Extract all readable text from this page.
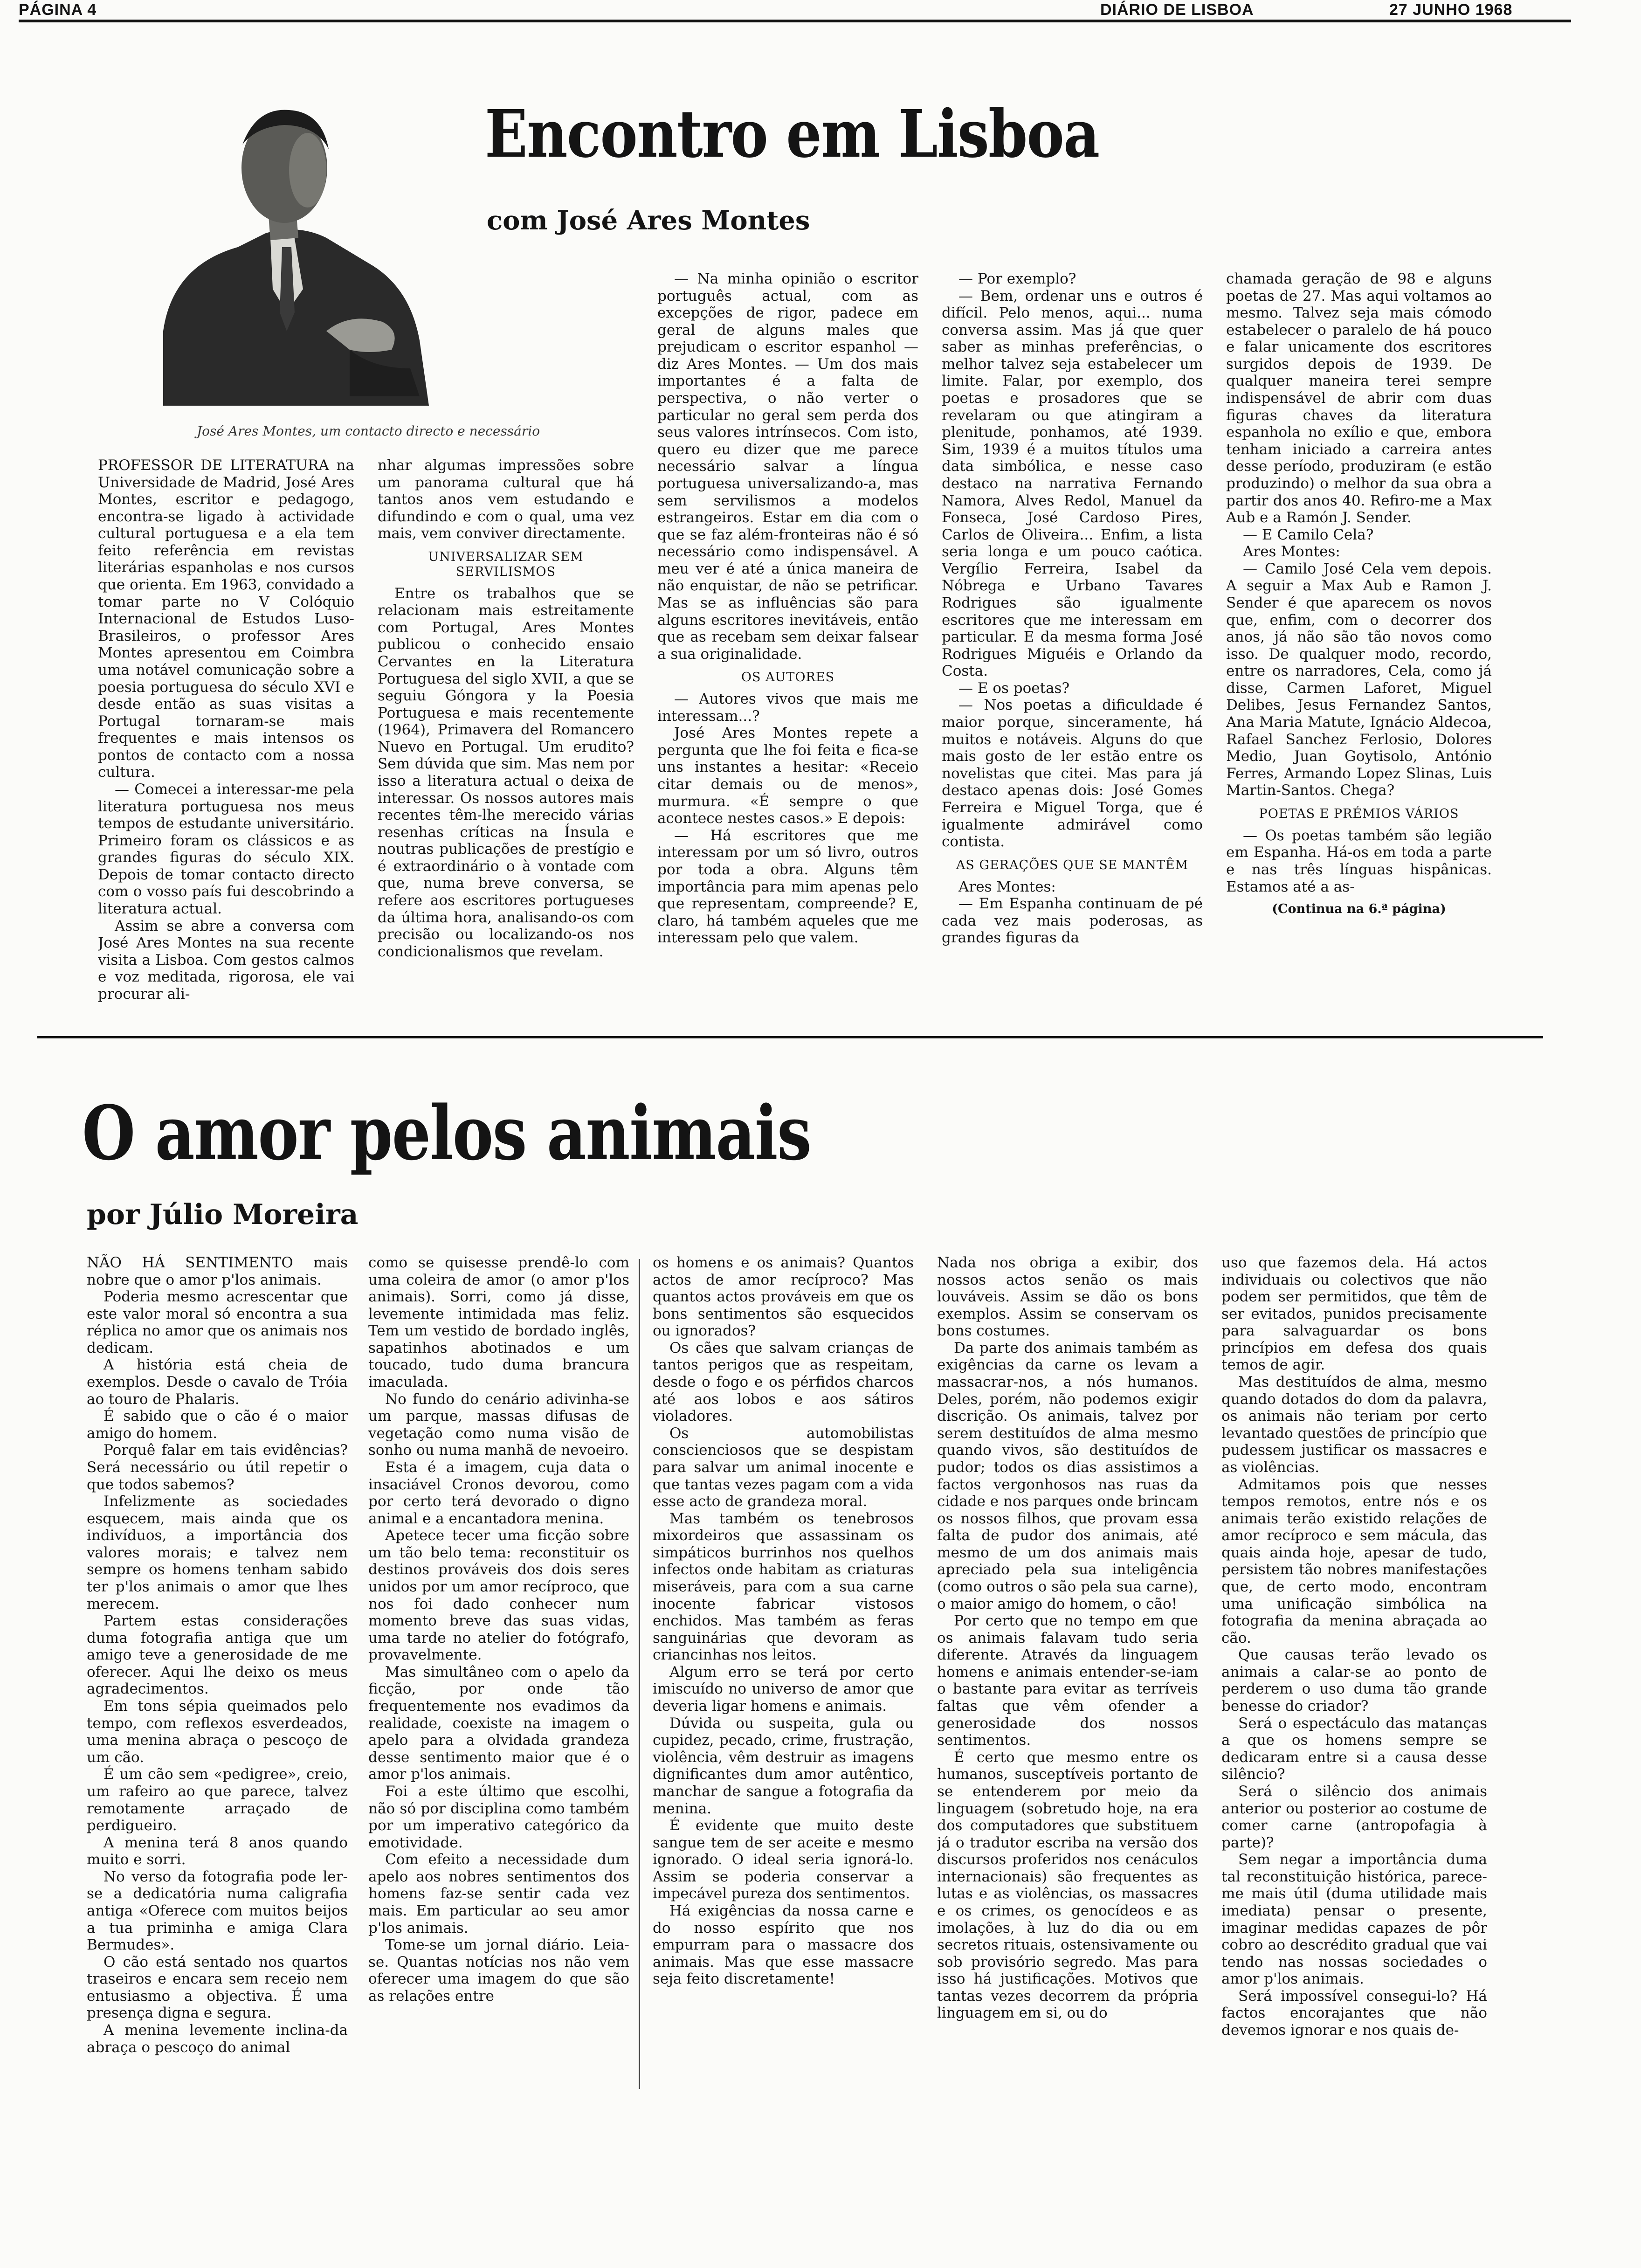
PÁGINA 4	DIÁRIO DE LISBOA	27 JUNHO 1968
José Ares Montes, um contacto directo e necessário
Encontro em Lisboa
com José Ares Montes

PROFESSOR DE LITERATURA na Universidade de Madrid, José Ares Montes, escritor e pedagogo, encontra-se ligado à actividade cultural portuguesa e a ela tem feito referência em revistas literárias espanholas e nos cursos que orienta. Em 1963, convidado a tomar parte no V Colóquio Internacional de Estudos Luso-Brasileiros, o professor Ares Montes apresentou em Coimbra uma notável comunicação sobre a poesia portuguesa do século XVI e desde então as suas visitas a Portugal tornaram-se mais frequentes e mais intensos os pontos de contacto com a nossa cultura.

— Comecei a interessar-me pela literatura portuguesa nos meus tempos de estudante universitário. Primeiro foram os clássicos e as grandes figuras do século XIX. Depois de tomar contacto directo com o vosso país fui descobrindo a literatura actual.

Assim se abre a conversa com José Ares Montes na sua recente visita a Lisboa. Com gestos calmos e voz meditada, rigorosa, ele vai procurar ali-

nhar algumas impressões sobre um panorama cultural que há tantos anos vem estudando e difundindo e com o qual, uma vez mais, vem conviver directamente.

UNIVERSALIZAR SEM SERVILISMOS

Entre os trabalhos que se relacionam mais estreitamente com Portugal, Ares Montes publicou o conhecido ensaio Cervantes en la Literatura Portuguesa del siglo XVII, a que se seguiu Góngora y la Poesia Portuguesa e mais recentemente (1964), Primavera del Romancero Nuevo en Portugal. Um erudito? Sem dúvida que sim. Mas nem por isso a literatura actual o deixa de interessar. Os nossos autores mais recentes têm-lhe merecido várias resenhas críticas na Ínsula e noutras publicações de prestígio e é extraordinário o à vontade com que, numa breve conversa, se refere aos escritores portugueses da última hora, analisando-os com precisão ou localizando-os nos condicionalismos que revelam.

— Na minha opinião o escritor português actual, com as excepções de rigor, padece em geral de alguns males que prejudicam o escritor espanhol — diz Ares Montes. — Um dos mais importantes é a falta de perspectiva, o não verter o particular no geral sem perda dos seus valores intrínsecos. Com isto, quero eu dizer que me parece necessário salvar a língua portuguesa universalizando-a, mas sem servilismos a modelos estrangeiros. Estar em dia com o que se faz além-fronteiras não é só necessário como indispensável. A meu ver é até a única maneira de não enquistar, de não se petrificar. Mas se as influências são para alguns escritores inevitáveis, então que as recebam sem deixar falsear a sua originalidade.

OS AUTORES

— Autores vivos que mais me interessam...?

José Ares Montes repete a pergunta que lhe foi feita e fica-se uns instantes a hesitar: «Receio citar demais ou de menos», murmura. «É sempre o que acontece nestes casos.» E depois:

— Há escritores que me interessam por um só livro, outros por toda a obra. Alguns têm importância para mim apenas pelo que representam, compreende? E, claro, há também aqueles que me interessam pelo que valem.

— Por exemplo?

— Bem, ordenar uns e outros é difícil. Pelo menos, aqui... numa conversa assim. Mas já que quer saber as minhas preferências, o melhor talvez seja estabelecer um limite. Falar, por exemplo, dos poetas e prosadores que se revelaram ou que atingiram a plenitude, ponhamos, até 1939. Sim, 1939 é a muitos títulos uma data simbólica, e nesse caso destaco na narrativa Fernando Namora, Alves Redol, Manuel da Fonseca, José Cardoso Pires, Carlos de Oliveira... Enfim, a lista seria longa e um pouco caótica. Vergílio Ferreira, Isabel da Nóbrega e Urbano Tavares Rodrigues são igualmente escritores que me interessam em particular. E da mesma forma José Rodrigues Miguéis e Orlando da Costa.

— E os poetas?

— Nos poetas a dificuldade é maior porque, sinceramente, há muitos e notáveis. Alguns do que mais gosto de ler estão entre os novelistas que citei. Mas para já destaco apenas dois: José Gomes Ferreira e Miguel Torga, que é igualmente admirável como contista.

AS GERAÇÕES QUE SE MANTÊM

Ares Montes:

— Em Espanha continuam de pé cada vez mais poderosas, as grandes figuras da

chamada geração de 98 e alguns poetas de 27. Mas aqui voltamos ao mesmo. Talvez seja mais cómodo estabelecer o paralelo de há pouco e falar unicamente dos escritores surgidos depois de 1939. De qualquer maneira terei sempre indispensável de abrir com duas figuras chaves da literatura espanhola no exílio e que, embora tenham iniciado a carreira antes desse período, produziram (e estão produzindo) o melhor da sua obra a partir dos anos 40. Refiro-me a Max Aub e a Ramón J. Sender.

— E Camilo Cela?

Ares Montes:

— Camilo José Cela vem depois. A seguir a Max Aub e Ramon J. Sender é que aparecem os novos que, enfim, com o decorrer dos anos, já não são tão novos como isso. De qualquer modo, recordo, entre os narradores, Cela, como já disse, Carmen Laforet, Miguel Delibes, Jesus Fernandez Santos, Ana Maria Matute, Ignácio Aldecoa, Rafael Sanchez Ferlosio, Dolores Medio, Juan Goytisolo, António Ferres, Armando Lopez Slinas, Luis Martin-Santos. Chega?

POETAS E PRÉMIOS VÁRIOS

— Os poetas também são legião em Espanha. Há-os em toda a parte e nas três línguas hispânicas. Estamos até a as-

(Continua na 6.ª página)

O amor pelos animais
por Júlio Moreira

NÃO HÁ SENTIMENTO mais nobre que o amor p'los animais.

Poderia mesmo acrescentar que este valor moral só encontra a sua réplica no amor que os animais nos dedicam.

A história está cheia de exemplos. Desde o cavalo de Tróia ao touro de Phalaris.

É sabido que o cão é o maior amigo do homem.

Porquê falar em tais evidências? Será necessário ou útil repetir o que todos sabemos?

Infelizmente as sociedades esquecem, mais ainda que os indivíduos, a importância dos valores morais; e talvez nem sempre os homens tenham sabido ter p'los animais o amor que lhes merecem.

Partem estas considerações duma fotografia antiga que um amigo teve a generosidade de me oferecer. Aqui lhe deixo os meus agradecimentos.

Em tons sépia queimados pelo tempo, com reflexos esverdeados, uma menina abraça o pescoço de um cão.

É um cão sem «pedigree», creio, um rafeiro ao que parece, talvez remotamente arraçado de perdigueiro.

A menina terá 8 anos quando muito e sorri.

No verso da fotografia pode ler-se a dedicatória numa caligrafia antiga «Oferece com muitos beijos a tua priminha e amiga Clara Bermudes».

O cão está sentado nos quartos traseiros e encara sem receio nem entusiasmo a objectiva. É uma presença digna e segura.

A menina levemente inclina-da abraça o pescoço do animal

como se quisesse prendê-lo com uma coleira de amor (o amor p'los animais). Sorri, como já disse, levemente intimidada mas feliz. Tem um vestido de bordado inglês, sapatinhos abotinados e um toucado, tudo duma brancura imaculada.

No fundo do cenário adivinha-se um parque, massas difusas de vegetação como numa visão de sonho ou numa manhã de nevoeiro.

Esta é a imagem, cuja data o insaciável Cronos devorou, como por certo terá devorado o digno animal e a encantadora menina.

Apetece tecer uma ficção sobre um tão belo tema: reconstituir os destinos prováveis dos dois seres unidos por um amor recíproco, que nos foi dado conhecer num momento breve das suas vidas, uma tarde no atelier do fotógrafo, provavelmente.

Mas simultâneo com o apelo da ficção, por onde tão frequentemente nos evadimos da realidade, coexiste na imagem o apelo para a olvidada grandeza desse sentimento maior que é o amor p'los animais.

Foi a este último que escolhi, não só por disciplina como também por um imperativo categórico da emotividade.

Com efeito a necessidade dum apelo aos nobres sentimentos dos homens faz-se sentir cada vez mais. Em particular ao seu amor p'los animais.

Tome-se um jornal diário. Leia-se. Quantas notícias nos não vem oferecer uma imagem do que são as relações entre

os homens e os animais? Quantos actos de amor recíproco? Mas quantos actos prováveis em que os bons sentimentos são esquecidos ou ignorados?

Os cães que salvam crianças de tantos perigos que as respeitam, desde o fogo e os pérfidos charcos até aos lobos e aos sátiros violadores.

Os automobilistas conscienciosos que se despistam para salvar um animal inocente e que tantas vezes pagam com a vida esse acto de grandeza moral.

Mas também os tenebrosos mixordeiros que assassinam os simpáticos burrinhos nos quelhos infectos onde habitam as criaturas miseráveis, para com a sua carne inocente fabricar vistosos enchidos. Mas também as feras sanguinárias que devoram as criancinhas nos leitos.

Algum erro se terá por certo imiscuído no universo de amor que deveria ligar homens e animais.

Dúvida ou suspeita, gula ou cupidez, pecado, crime, frustração, violência, vêm destruir as imagens dignificantes dum amor autêntico, manchar de sangue a fotografia da menina.

É evidente que muito deste sangue tem de ser aceite e mesmo ignorado. O ideal seria ignorá-lo. Assim se poderia conservar a impecável pureza dos sentimentos.

Há exigências da nossa carne e do nosso espírito que nos empurram para o massacre dos animais. Mas que esse massacre seja feito discretamente!

Nada nos obriga a exibir, dos nossos actos senão os mais louváveis. Assim se dão os bons exemplos. Assim se conservam os bons costumes.

Da parte dos animais também as exigências da carne os levam a massacrar-nos, a nós humanos. Deles, porém, não podemos exigir discrição. Os animais, talvez por serem destituídos de alma mesmo quando vivos, são destituídos de pudor; todos os dias assistimos a factos vergonhosos nas ruas da cidade e nos parques onde brincam os nossos filhos, que provam essa falta de pudor dos animais, até mesmo de um dos animais mais apreciado pela sua inteligência (como outros o são pela sua carne), o maior amigo do homem, o cão!

Por certo que no tempo em que os animais falavam tudo seria diferente. Através da linguagem homens e animais entender-se-iam o bastante para evitar as terríveis faltas que vêm ofender a generosidade dos nossos sentimentos.

É certo que mesmo entre os humanos, susceptíveis portanto de se entenderem por meio da linguagem (sobretudo hoje, na era dos computadores que substituem já o tradutor escriba na versão dos discursos proferidos nos cenáculos internacionais) são frequentes as lutas e as violências, os massacres e os crimes, os genocídeos e as imolações, à luz do dia ou em secretos rituais, ostensivamente ou sob provisório segredo. Mas para isso há justificações. Motivos que tantas vezes decorrem da própria linguagem em si, ou do

uso que fazemos dela. Há actos individuais ou colectivos que não podem ser permitidos, que têm de ser evitados, punidos precisamente para salvaguardar os bons princípios em defesa dos quais temos de agir.

Mas destituídos de alma, mesmo quando dotados do dom da palavra, os animais não teriam por certo levantado questões de princípio que pudessem justificar os massacres e as violências.

Admitamos pois que nesses tempos remotos, entre nós e os animais terão existido relações de amor recíproco e sem mácula, das quais ainda hoje, apesar de tudo, persistem tão nobres manifestações que, de certo modo, encontram uma unificação simbólica na fotografia da menina abraçada ao cão.

Que causas terão levado os animais a calar-se ao ponto de perderem o uso duma tão grande benesse do criador?

Será o espectáculo das matanças a que os homens sempre se dedicaram entre si a causa desse silêncio?

Será o silêncio dos animais anterior ou posterior ao costume de comer carne (antropofagia à parte)?

Sem negar a importância duma tal reconstituição histórica, parece-me mais útil (duma utilidade mais imediata) pensar o presente, imaginar medidas capazes de pôr cobro ao descrédito gradual que vai tendo nas nossas sociedades o amor p'los animais.

Será impossível consegui-lo? Há factos encorajantes que não devemos ignorar e nos quais de-
